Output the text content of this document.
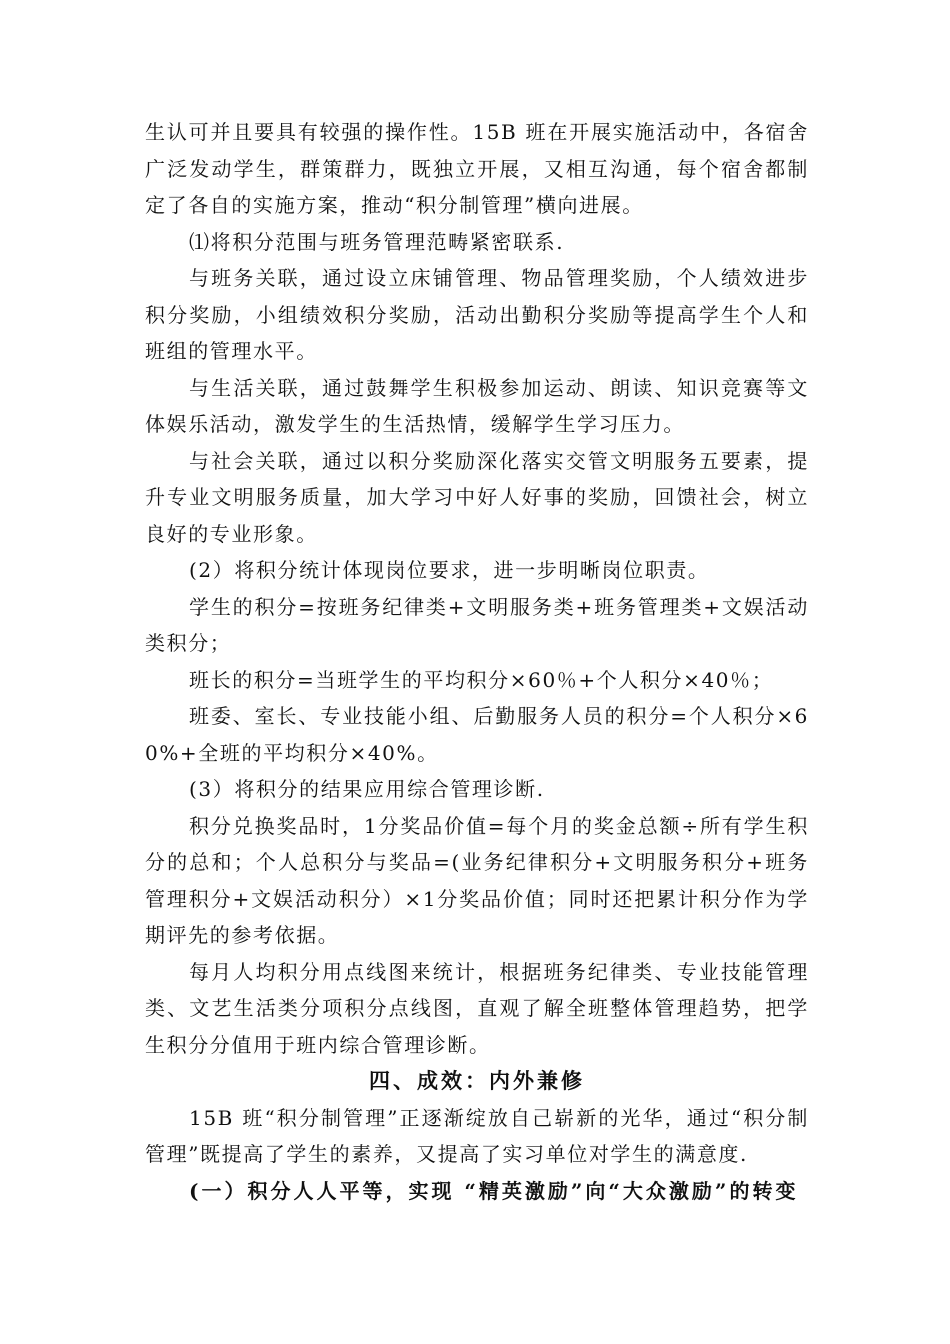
生认可并且要具有较强的操作性。15B 班在开展实施活动中，各宿舍广泛发动学生，群策群力，既独立开展，又相互沟通，每个宿舍都制定了各自的实施方案，推动“积分制管理”横向进展。

⑴将积分范围与班务管理范畴紧密联系.

与班务关联，通过设立床铺管理、物品管理奖励，个人绩效进步积分奖励，小组绩效积分奖励，活动出勤积分奖励等提高学生个人和班组的管理水平。

与生活关联，通过鼓舞学生积极参加运动、朗读、知识竞赛等文体娱乐活动，激发学生的生活热情，缓解学生学习压力。

与社会关联，通过以积分奖励深化落实交管文明服务五要素，提升专业文明服务质量，加大学习中好人好事的奖励，回馈社会，树立良好的专业形象。

(2）将积分统计体现岗位要求，进一步明晰岗位职责。

学生的积分=按班务纪律类+文明服务类+班务管理类+文娱活动类积分；

班长的积分=当班学生的平均积分×60％+个人积分×40％；

班委、室长、专业技能小组、后勤服务人员的积分=个人积分×60%+全班的平均积分×40%。

(3）将积分的结果应用综合管理诊断.

积分兑换奖品时，1分奖品价值=每个月的奖金总额÷所有学生积分的总和；个人总积分与奖品=(业务纪律积分+文明服务积分+班务管理积分+文娱活动积分）×1分奖品价值；同时还把累计积分作为学期评先的参考依据。

每月人均积分用点线图来统计，根据班务纪律类、专业技能管理类、文艺生活类分项积分点线图，直观了解全班整体管理趋势，把学生积分分值用于班内综合管理诊断。

四、成效：内外兼修

15B 班“积分制管理”正逐渐绽放自己崭新的光华，通过“积分制管理”既提高了学生的素养，又提高了实习单位对学生的满意度.

(一）积分人人平等，实现 “精英激励”向“大众激励”的转变
